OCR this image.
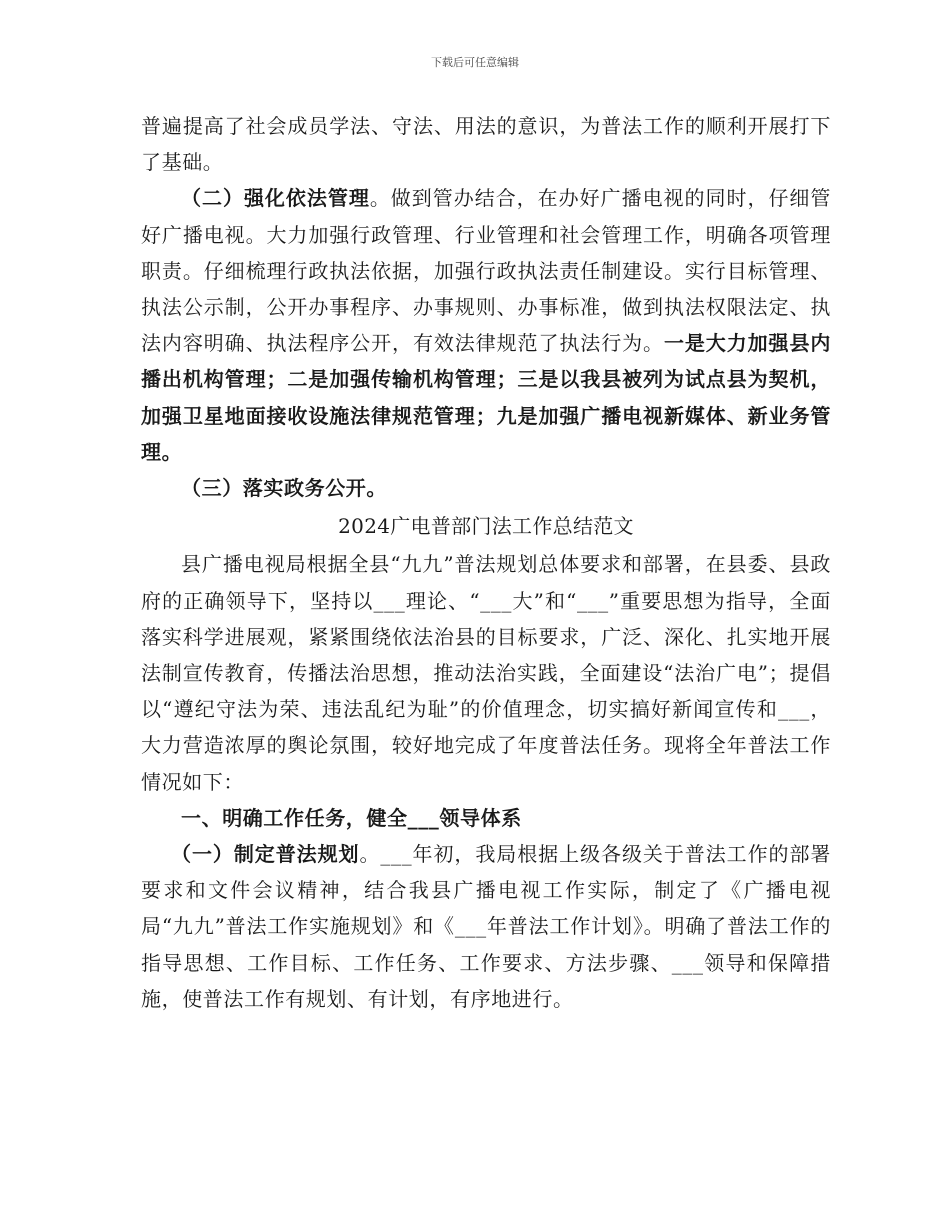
下载后可任意编辑

普遍提高了社会成员学法、守法、用法的意识，为普法工作的顺利开展打下了基础。

（二）强化依法管理。做到管办结合，在办好广播电视的同时，仔细管好广播电视。大力加强行政管理、行业管理和社会管理工作，明确各项管理职责。仔细梳理行政执法依据，加强行政执法责任制建设。实行目标管理、执法公示制，公开办事程序、办事规则、办事标准，做到执法权限法定、执法内容明确、执法程序公开，有效法律规范了执法行为。一是大力加强县内播出机构管理；二是加强传输机构管理；三是以我县被列为试点县为契机，加强卫星地面接收设施法律规范管理；九是加强广播电视新媒体、新业务管理。

（三）落实政务公开。

2024广电普部门法工作总结范文

县广播电视局根据全县“九九”普法规划总体要求和部署，在县委、县政府的正确领导下，坚持以___理论、“___大”和“___”重要思想为指导，全面落实科学进展观，紧紧围绕依法治县的目标要求，广泛、深化、扎实地开展法制宣传教育，传播法治思想，推动法治实践，全面建设“法治广电”；提倡以“遵纪守法为荣、违法乱纪为耻”的价值理念，切实搞好新闻宣传和___，大力营造浓厚的舆论氛围，较好地完成了年度普法任务。现将全年普法工作情况如下：

一、明确工作任务，健全___领导体系

（一）制定普法规划。___年初，我局根据上级各级关于普法工作的部署要求和文件会议精神，结合我县广播电视工作实际，制定了《广播电视局“九九”普法工作实施规划》和《___年普法工作计划》。明确了普法工作的指导思想、工作目标、工作任务、工作要求、方法步骤、___领导和保障措施，使普法工作有规划、有计划，有序地进行。
